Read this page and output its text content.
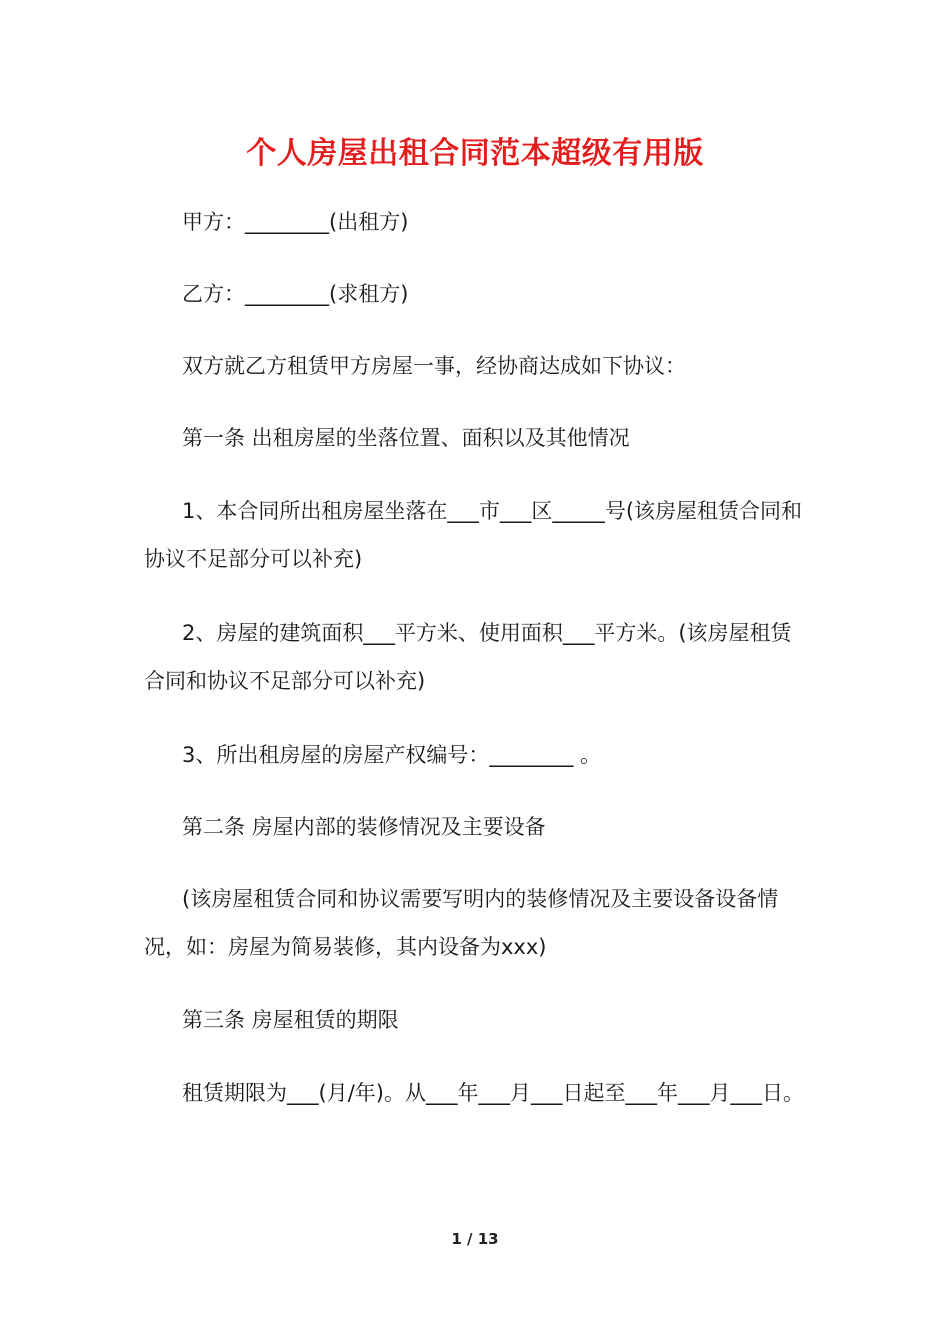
个人房屋出租合同范本超级有用版

甲方：________(出租方)

乙方：________(求租方)

双方就乙方租赁甲方房屋一事，经协商达成如下协议：

第一条 出租房屋的坐落位置、面积以及其他情况

1、本合同所出租房屋坐落在___市___区_____号(该房屋租赁合同和协议不足部分可以补充)

2、房屋的建筑面积___平方米、使用面积___平方米。(该房屋租赁合同和协议不足部分可以补充)

3、所出租房屋的房屋产权编号：________ 。

第二条 房屋内部的装修情况及主要设备

(该房屋租赁合同和协议需要写明内的装修情况及主要设备设备情况，如：房屋为简易装修，其内设备为xxx)

第三条 房屋租赁的期限

租赁期限为___(月/年)。从___年___月___日起至___年___月___日。

1 / 13
